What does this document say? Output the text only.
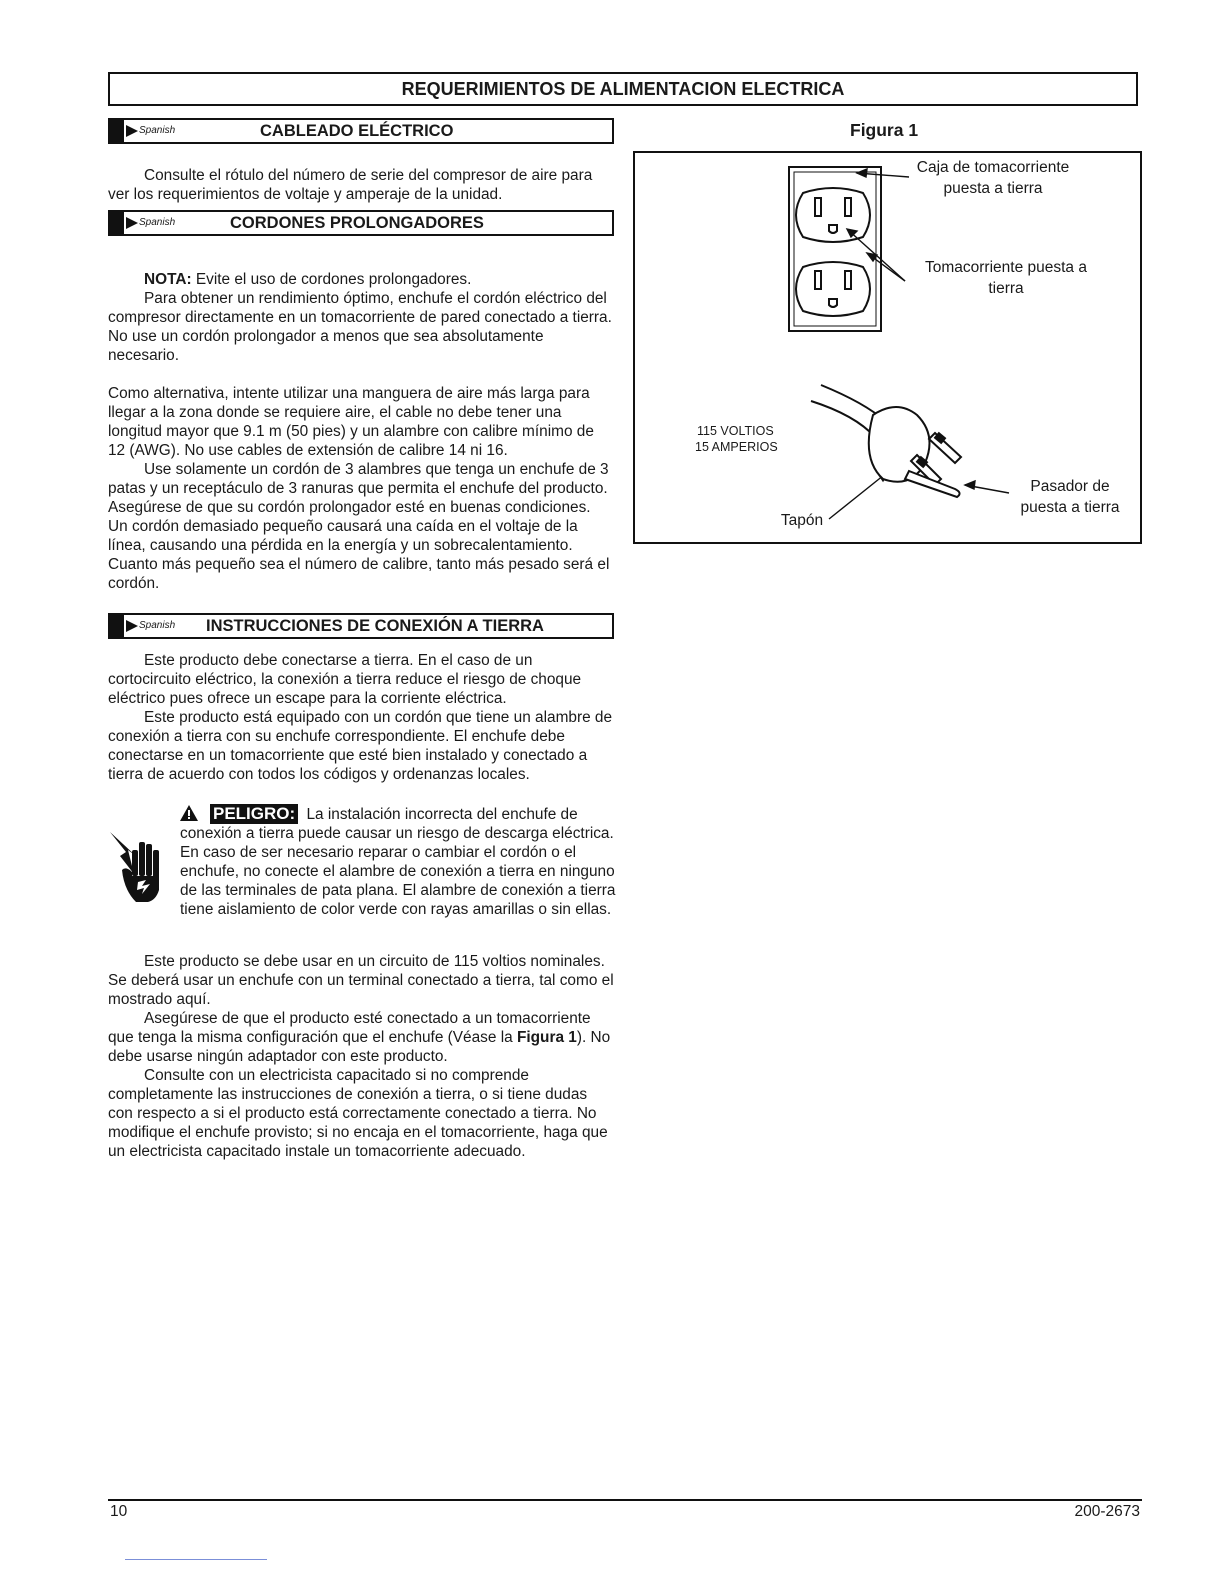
REQUERIMIENTOS DE ALIMENTACION ELECTRICA
Spanish	CABLEADO ELÉCTRICO

Consulte el rótulo del número de serie del compresor de aire para ver los requerimientos de voltaje y amperaje de la unidad.

Spanish	CORDONES PROLONGADORES

NOTA: Evite el uso de cordones prolongadores.

Para obtener un rendimiento óptimo, enchufe el cordón eléctrico del compresor directamente en un tomacorriente de pared conectado a tierra. No use un cordón prolongador a menos que sea absolutamente necesario.

Como alternativa, intente utilizar una manguera de aire más larga para llegar a la zona donde se requiere aire, el cable no debe tener una longitud mayor que 9.1 m (50 pies) y un alambre con calibre mínimo de 12 (AWG). No use cables de extensión de calibre 14 ni 16.

Use solamente un cordón de 3 alambres que tenga un enchufe de 3 patas y un receptáculo de 3 ranuras que permita el enchufe del producto. Asegúrese de que su cordón prolongador esté en buenas condiciones. Un cordón demasiado pequeño causará una caída en el voltaje de la línea, causando una pérdida en la energía y un sobrecalentamiento. Cuanto más pequeño sea el número de calibre, tanto más pesado será el cordón.

Spanish INSTRUCCIONES DE CONEXIÓN A TIERRA

Este producto debe conectarse a tierra. En el caso de un cortocircuito eléctrico, la conexión a tierra reduce el riesgo de choque eléctrico pues ofrece un escape para la corriente eléctrica.

Este producto está equipado con un cordón que tiene un alambre de conexión a tierra con su enchufe correspondiente. El enchufe debe conectarse en un tomacorriente que esté bien instalado y conectado a tierra de acuerdo con todos los códigos y ordenanzas locales.

PELIGRO: La instalación incorrecta del enchufe de conexión a tierra puede causar un riesgo de descarga eléctrica. En caso de ser necesario reparar o cambiar el cordón o el enchufe, no conecte el alambre de conexión a tierra en ninguno de las terminales de pata plana. El alambre de conexión a tierra tiene aislamiento de color verde con rayas amarillas o sin ellas.

Este producto se debe usar en un circuito de 115 voltios nominales. Se deberá usar un enchufe con un terminal conectado a tierra, tal como el mostrado aquí.

Asegúrese de que el producto esté conectado a un tomacorriente que tenga la misma configuración que el enchufe (Véase la Figura 1). No debe usarse ningún adaptador con este producto.

Consulte con un electricista capacitado si no comprende completamente las instrucciones de conexión a tierra, o si tiene dudas con respecto a si el producto está correctamente conectado a tierra. No modifique el enchufe provisto; si no encaja en el tomacorriente, haga que un electricista capacitado instale un tomacorriente adecuado.

Figura 1
Caja de tomacorriente puesta a tierra
Tomacorriente puesta a tierra
115 VOLTIOS
15 AMPERIOS
Tapón
Pasador de puesta a tierra
10	200-2673
